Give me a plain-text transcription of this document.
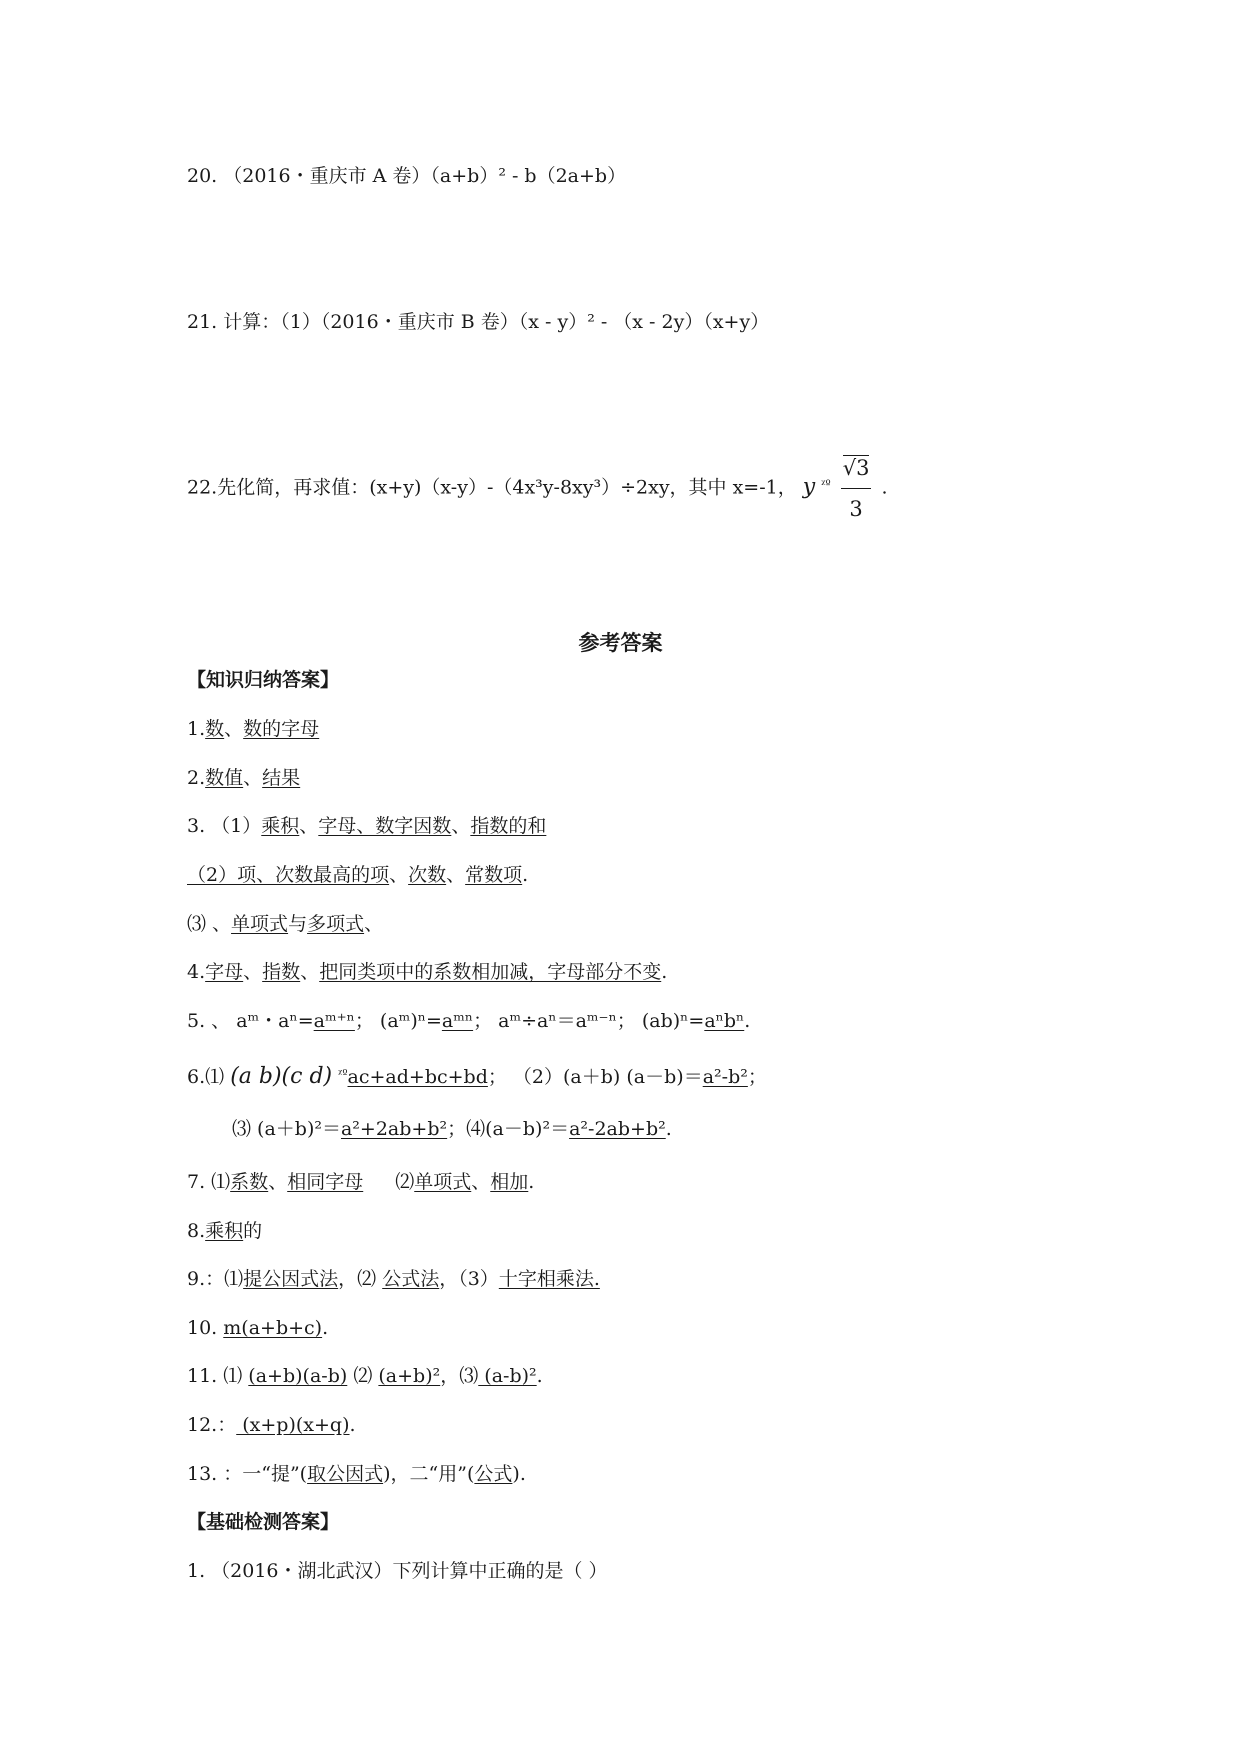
20. （2016・重庆市 A 卷）（a+b）² - b（2a+b）
21. 计算：（1）（2016・重庆市 B 卷）（x - y）² - （x - 2y）（x+y）
22.先化简，再求值：(x+y)（x-y）-（4x³y-8xy³）÷2xy，其中 x=-1， y $^{ᵡº} \frac{√3}{3}$ .
参考答案
【知识归纳答案】
1.数、数的字母
2.数值、结果
3. （1）乘积、字母、数字因数、指数的和
（2）项、次数最高的项、次数、常数项.
⑶ 、单项式与多项式、
4.字母、指数、把同类项中的系数相加减，字母部分不变.
5. 、 aᵐ・aⁿ=aᵐ⁺ⁿ； (aᵐ)ⁿ=aᵐⁿ； aᵐ÷aⁿ＝aᵐ⁻ⁿ； (ab)ⁿ=aⁿbⁿ.
6.⑴ (a b)(c d) $^{ᵡº}$ac+ad+bc+bd； （2）(a＋b) (a－b)＝a²-b²；
⑶ (a＋b)²＝a²+2ab+b²；⑷(a－b)²＝a²-2ab+b².
7. ⑴系数、相同字母 ⑵单项式、相加.
8.乘积的
9.：⑴提公因式法，⑵ 公式法，（3）十字相乘法.
10. m(a+b+c).
11. ⑴ (a+b)(a-b) ⑵ (a+b)²，⑶ (a-b)².
12.： (x+p)(x+q).
13. ：一“提”(取公因式)，二“用”(公式).
【基础检测答案】
1. （2016・湖北武汉）下列计算中正确的是（ ）
